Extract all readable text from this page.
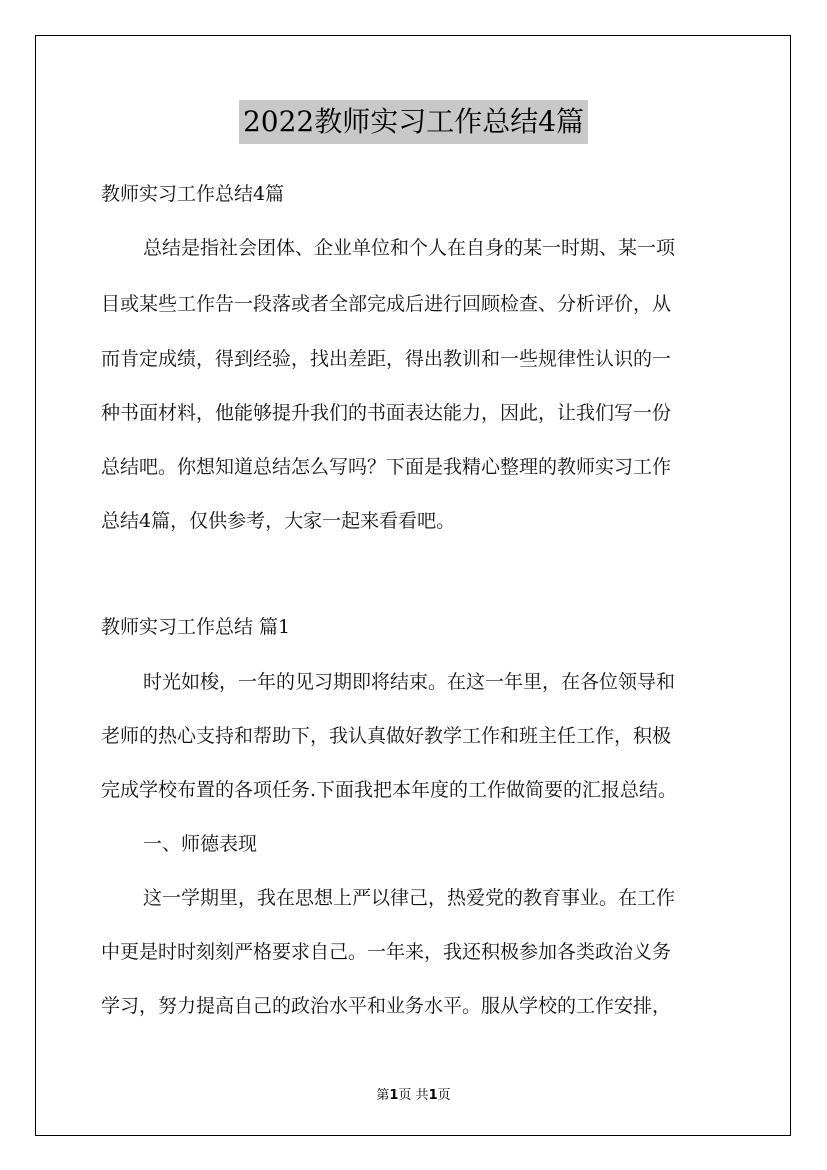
2022教师实习工作总结4篇
教师实习工作总结4篇
总结是指社会团体、企业单位和个人在自身的某一时期、某一项
目或某些工作告一段落或者全部完成后进行回顾检查、分析评价，从
而肯定成绩，得到经验，找出差距，得出教训和一些规律性认识的一
种书面材料，他能够提升我们的书面表达能力，因此，让我们写一份
总结吧。你想知道总结怎么写吗？下面是我精心整理的教师实习工作
总结4篇，仅供参考，大家一起来看看吧。
教师实习工作总结 篇1
时光如梭，一年的见习期即将结束。在这一年里，在各位领导和
老师的热心支持和帮助下，我认真做好教学工作和班主任工作，积极
完成学校布置的各项任务.下面我把本年度的工作做简要的汇报总结。
一、师德表现
这一学期里，我在思想上严以律己，热爱党的教育事业。在工作
中更是时时刻刻严格要求自己。一年来，我还积极参加各类政治义务
学习，努力提高自己的政治水平和业务水平。服从学校的工作安排，
第1页 共1页
